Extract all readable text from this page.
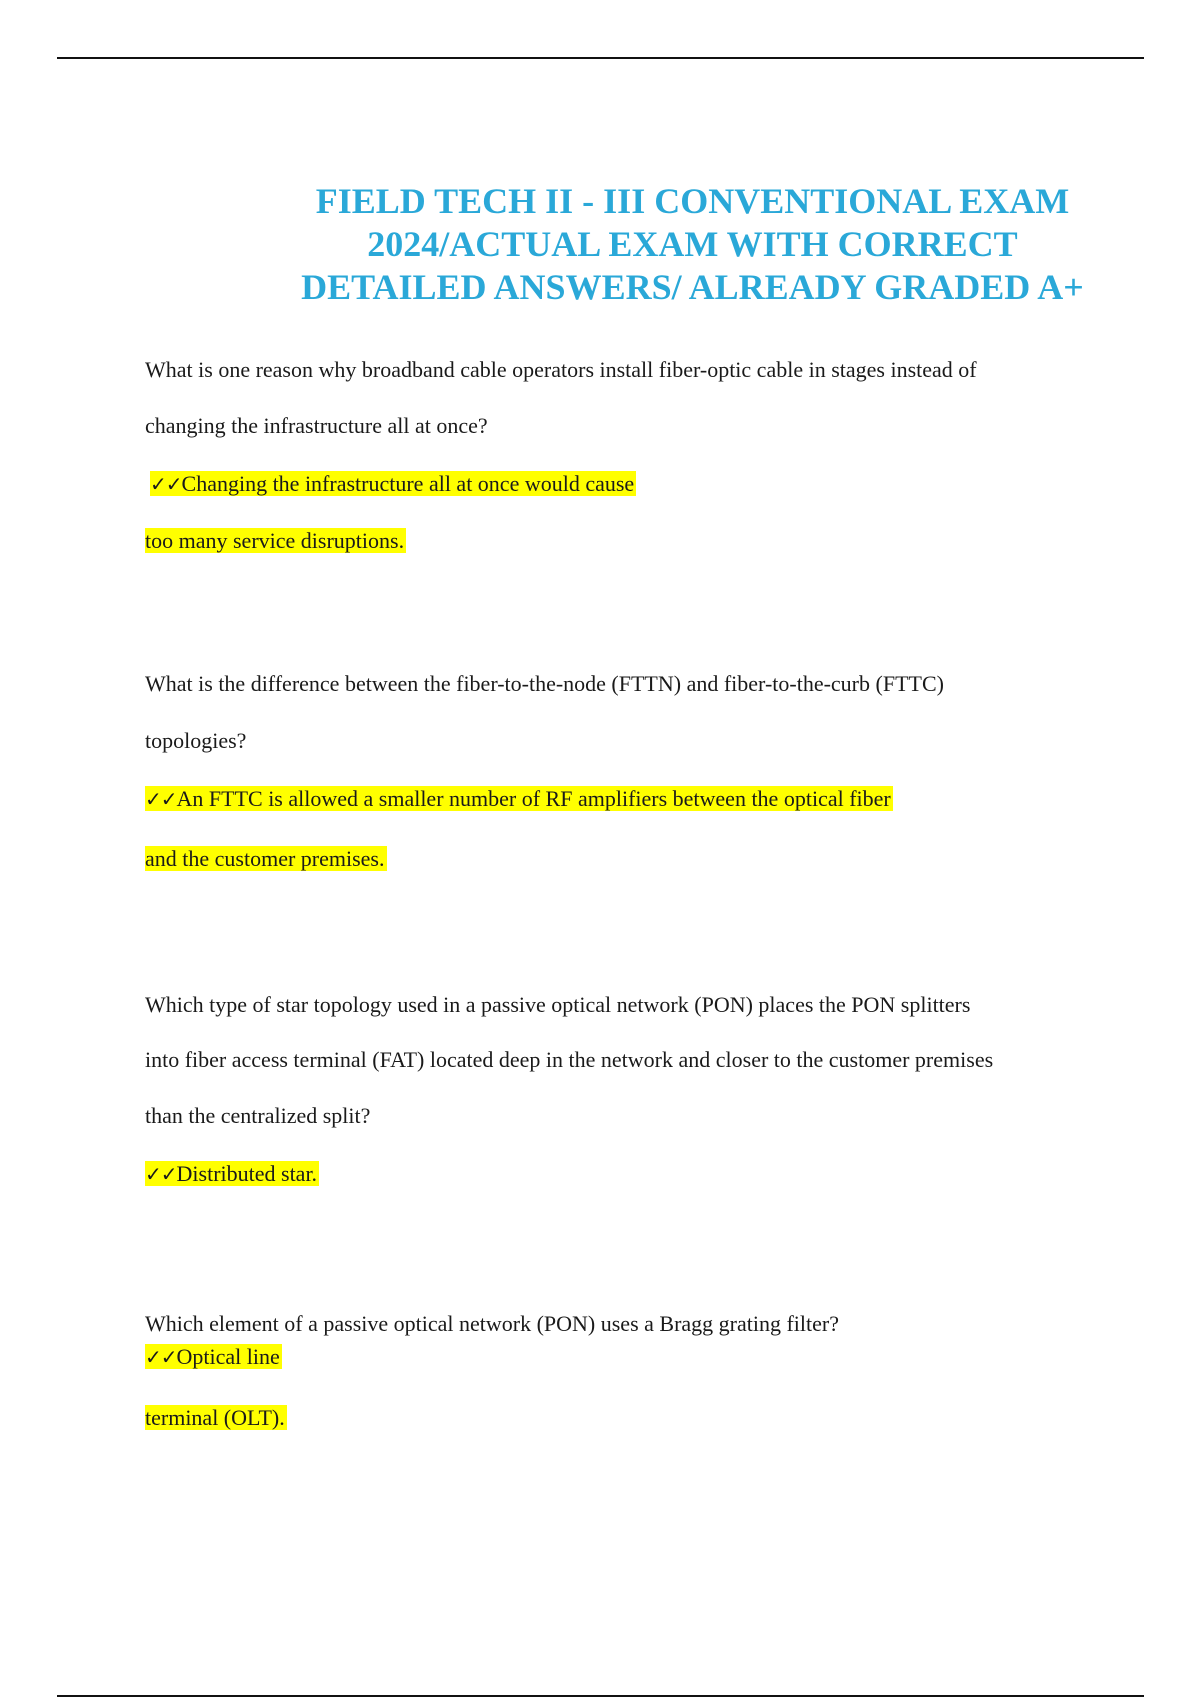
FIELD TECH II - III CONVENTIONAL EXAM
2024/ACTUAL EXAM WITH CORRECT
DETAILED ANSWERS/ ALREADY GRADED A+

What is one reason why broadband cable operators install fiber-optic cable in stages instead of

changing the infrastructure all at once?

✓✓Changing the infrastructure all at once would cause

too many service disruptions.

What is the difference between the fiber-to-the-node (FTTN) and fiber-to-the-curb (FTTC)

topologies?

✓✓An FTTC is allowed a smaller number of RF amplifiers between the optical fiber

and the customer premises.

Which type of star topology used in a passive optical network (PON) places the PON splitters

into fiber access terminal (FAT) located deep in the network and closer to the customer premises

than the centralized split?

✓✓Distributed star.

Which element of a passive optical network (PON) uses a Bragg grating filter?

✓✓Optical line

terminal (OLT).
